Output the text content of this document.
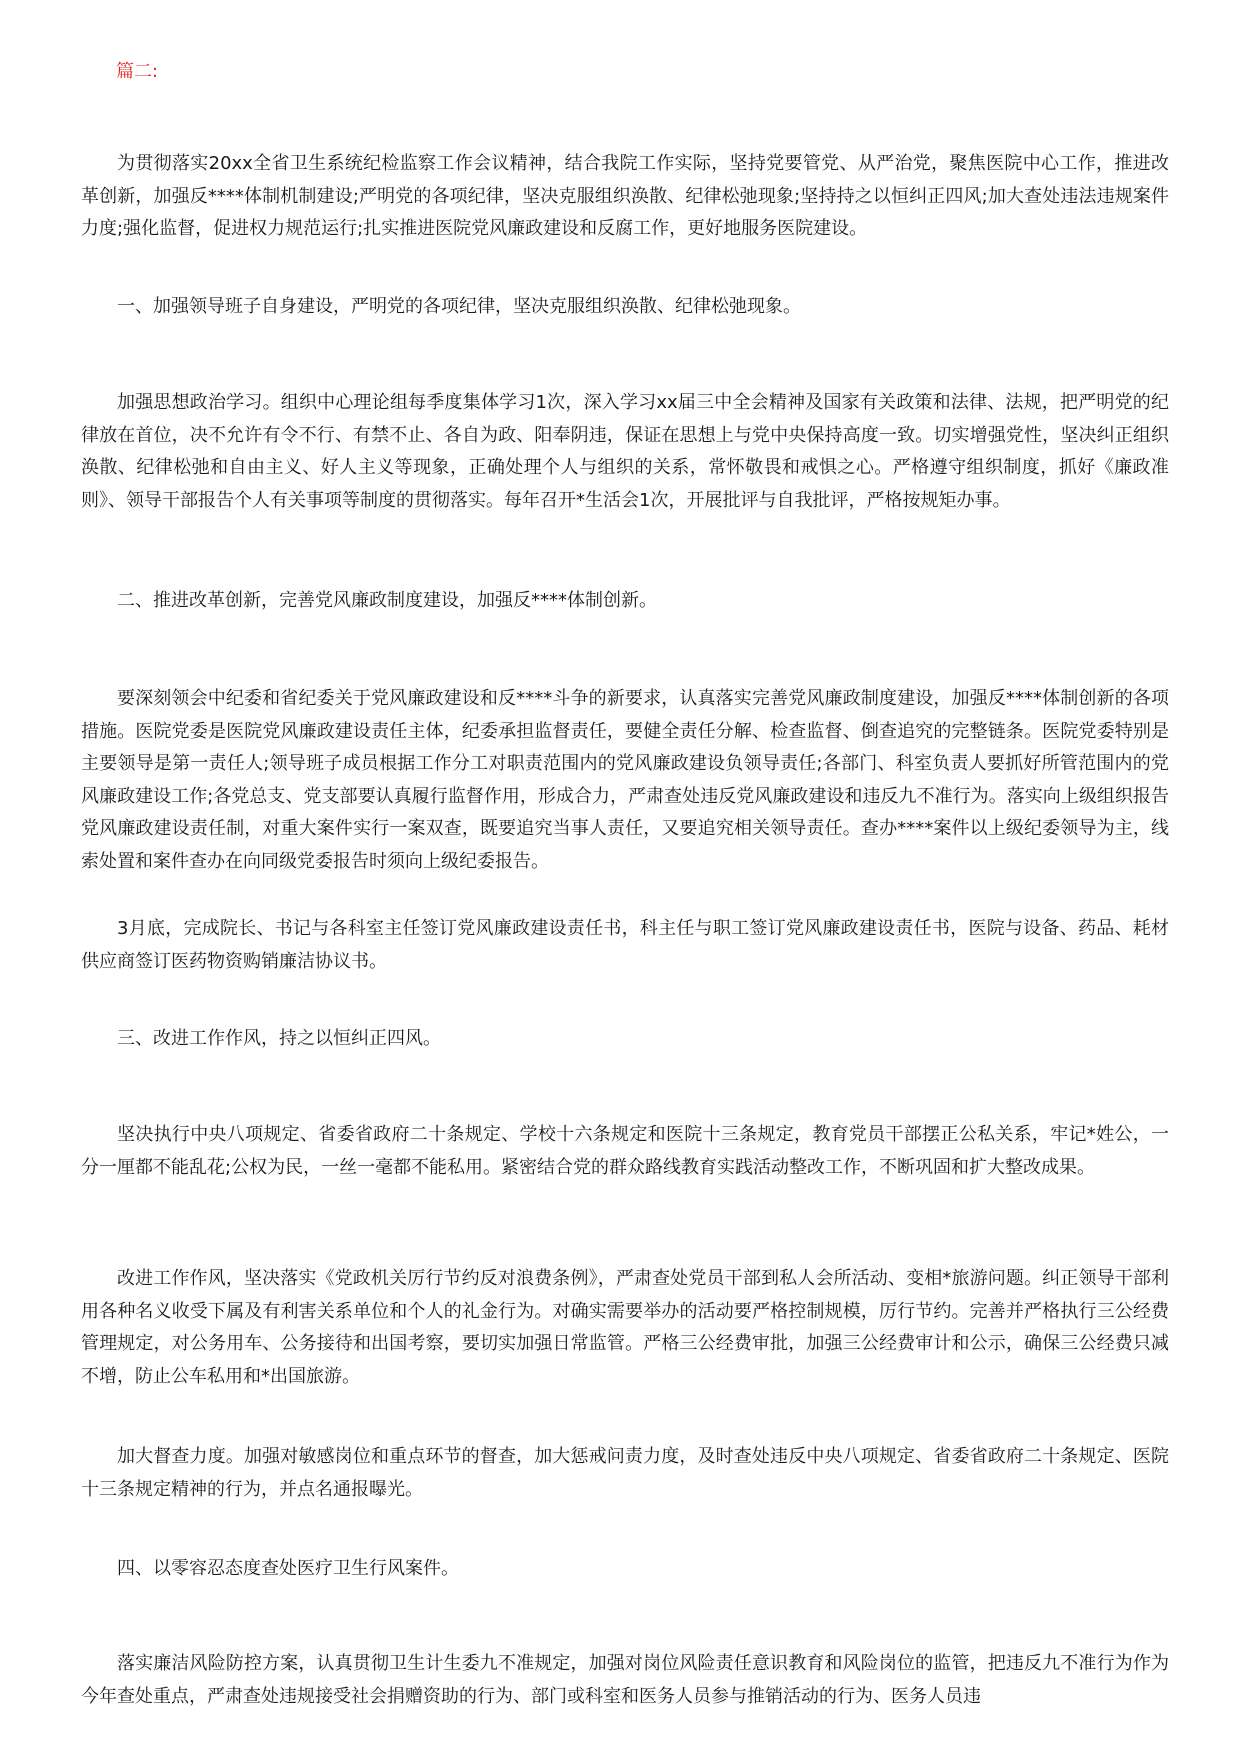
篇二:

为贯彻落实20xx全省卫生系统纪检监察工作会议精神，结合我院工作实际，坚持党要管党、从严治党，聚焦医院中心工作，推进改革创新，加强反****体制机制建设;严明党的各项纪律，坚决克服组织涣散、纪律松弛现象;坚持持之以恒纠正四风;加大查处违法违规案件力度;强化监督，促进权力规范运行;扎实推进医院党风廉政建设和反腐工作，更好地服务医院建设。

一、加强领导班子自身建设，严明党的各项纪律，坚决克服组织涣散、纪律松弛现象。

加强思想政治学习。组织中心理论组每季度集体学习1次，深入学习xx届三中全会精神及国家有关政策和法律、法规，把严明党的纪律放在首位，决不允许有令不行、有禁不止、各自为政、阳奉阴违，保证在思想上与党中央保持高度一致。切实增强党性，坚决纠正组织涣散、纪律松弛和自由主义、好人主义等现象，正确处理个人与组织的关系，常怀敬畏和戒惧之心。严格遵守组织制度，抓好《廉政准则》、领导干部报告个人有关事项等制度的贯彻落实。每年召开*生活会1次，开展批评与自我批评，严格按规矩办事。

二、推进改革创新，完善党风廉政制度建设，加强反****体制创新。

要深刻领会中纪委和省纪委关于党风廉政建设和反****斗争的新要求，认真落实完善党风廉政制度建设，加强反****体制创新的各项措施。医院党委是医院党风廉政建设责任主体，纪委承担监督责任，要健全责任分解、检查监督、倒查追究的完整链条。医院党委特别是主要领导是第一责任人;领导班子成员根据工作分工对职责范围内的党风廉政建设负领导责任;各部门、科室负责人要抓好所管范围内的党风廉政建设工作;各党总支、党支部要认真履行监督作用，形成合力，严肃查处违反党风廉政建设和违反九不准行为。落实向上级组织报告党风廉政建设责任制，对重大案件实行一案双查，既要追究当事人责任，又要追究相关领导责任。查办****案件以上级纪委领导为主，线索处置和案件查办在向同级党委报告时须向上级纪委报告。

3月底，完成院长、书记与各科室主任签订党风廉政建设责任书，科主任与职工签订党风廉政建设责任书，医院与设备、药品、耗材供应商签订医药物资购销廉洁协议书。

三、改进工作作风，持之以恒纠正四风。

坚决执行中央八项规定、省委省政府二十条规定、学校十六条规定和医院十三条规定，教育党员干部摆正公私关系，牢记*姓公，一分一厘都不能乱花;公权为民，一丝一毫都不能私用。紧密结合党的群众路线教育实践活动整改工作，不断巩固和扩大整改成果。

改进工作作风，坚决落实《党政机关厉行节约反对浪费条例》，严肃查处党员干部到私人会所活动、变相*旅游问题。纠正领导干部利用各种名义收受下属及有利害关系单位和个人的礼金行为。对确实需要举办的活动要严格控制规模，厉行节约。完善并严格执行三公经费管理规定，对公务用车、公务接待和出国考察，要切实加强日常监管。严格三公经费审批，加强三公经费审计和公示，确保三公经费只减不增，防止公车私用和*出国旅游。

加大督查力度。加强对敏感岗位和重点环节的督查，加大惩戒问责力度，及时查处违反中央八项规定、省委省政府二十条规定、医院十三条规定精神的行为，并点名通报曝光。

四、以零容忍态度查处医疗卫生行风案件。

落实廉洁风险防控方案，认真贯彻卫生计生委九不准规定，加强对岗位风险责任意识教育和风险岗位的监管，把违反九不准行为作为今年查处重点，严肃查处违规接受社会捐赠资助的行为、部门或科室和医务人员参与推销活动的行为、医务人员违
